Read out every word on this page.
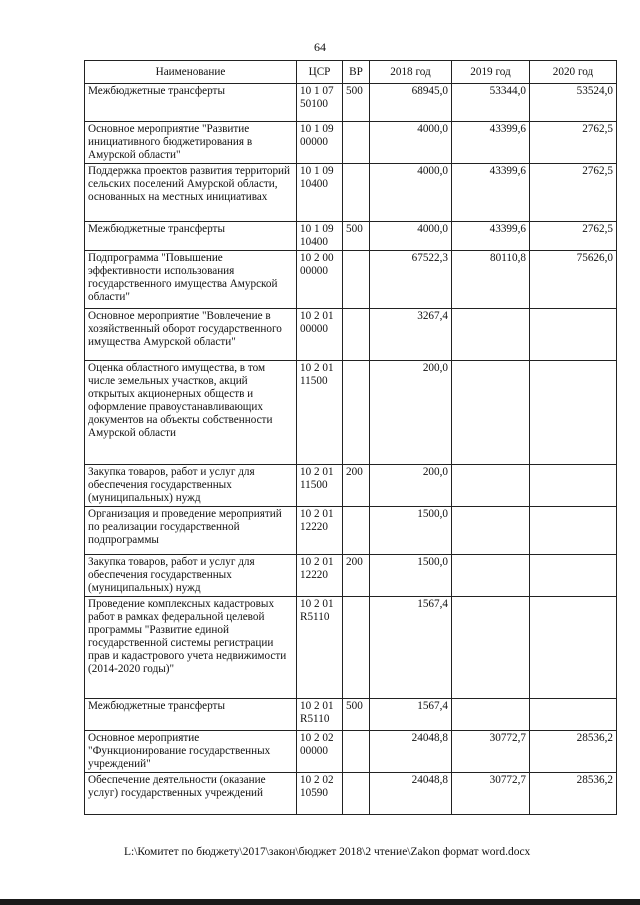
64
Наименование	ЦСР	ВР	2018 год	2019 год	2020 год
Межбюджетные трансферты	10 1 07 50100	500	68945,0	53344,0	53524,0
Основное мероприятие "Развитие инициативного бюджетирования в Амурской области"	10 1 09 00000		4000,0	43399,6	2762,5
Поддержка проектов развития территорий сельских поселений Амурской области, основанных на местных инициативах	10 1 09 10400		4000,0	43399,6	2762,5
Межбюджетные трансферты	10 1 09 10400	500	4000,0	43399,6	2762,5
Подпрограмма "Повышение эффективности использования государственного имущества Амурской области"	10 2 00 00000		67522,3	80110,8	75626,0
Основное мероприятие "Вовлечение в хозяйственный оборот государственного имущества Амурской области"	10 2 01 00000		3267,4		
Оценка областного имущества, в том числе земельных участков, акций открытых акционерных обществ и оформление правоустанавливающих документов на объекты собственности Амурской области	10 2 01 11500		200,0		
Закупка товаров, работ и услуг для обеспечения государственных (муниципальных) нужд	10 2 01 11500	200	200,0		
Организация и проведение мероприятий по реализации государственной подпрограммы	10 2 01 12220		1500,0		
Закупка товаров, работ и услуг для обеспечения государственных (муниципальных) нужд	10 2 01 12220	200	1500,0		
Проведение комплексных кадастровых работ в рамках федеральной целевой программы "Развитие единой государственной системы регистрации прав и кадастрового учета недвижимости (2014-2020 годы)"	10 2 01 R5110		1567,4		
Межбюджетные трансферты	10 2 01 R5110	500	1567,4		
Основное мероприятие "Функционирование государственных учреждений"	10 2 02 00000		24048,8	30772,7	28536,2
Обеспечение деятельности (оказание услуг) государственных учреждений	10 2 02 10590		24048,8	30772,7	28536,2
L:\Комитет по бюджету\2017\закон\бюджет 2018\2 чтение\Zakon формат word.docx
